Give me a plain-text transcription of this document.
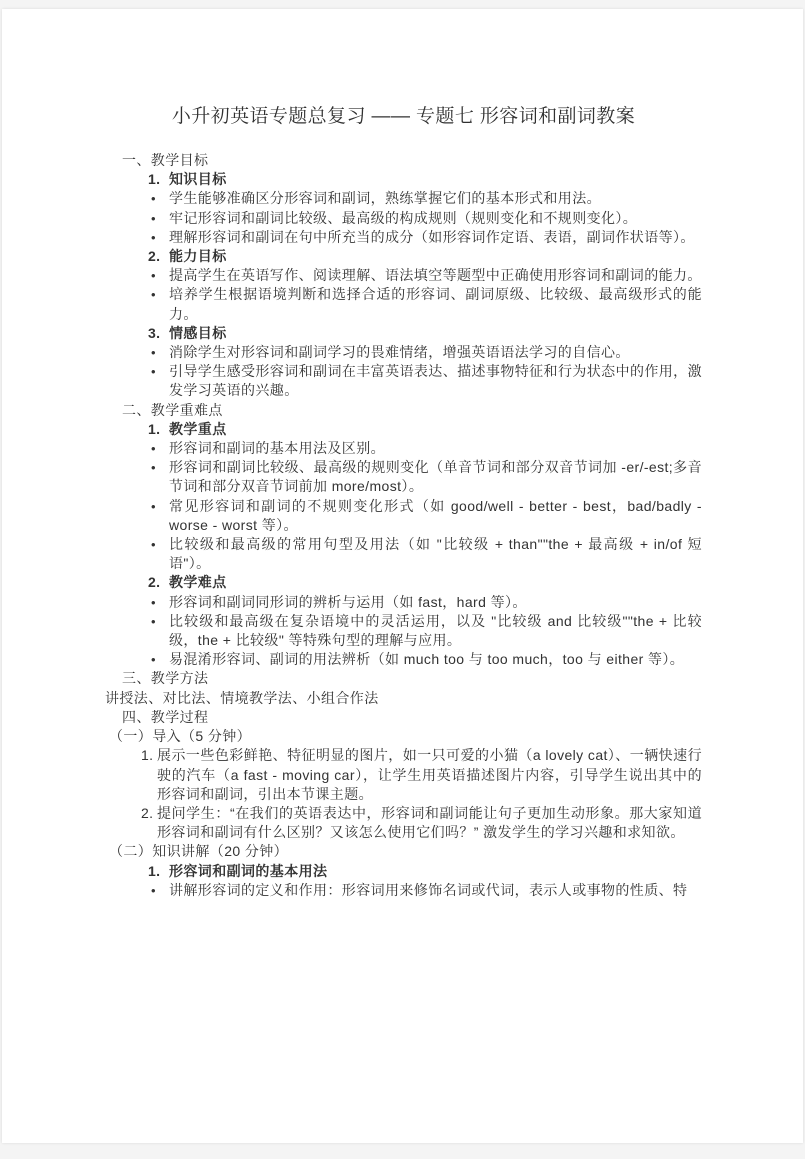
小升初英语专题总复习 —— 专题七 形容词和副词教案
一、教学目标
1. 知识目标
• 学生能够准确区分形容词和副词，熟练掌握它们的基本形式和用法。
• 牢记形容词和副词比较级、最高级的构成规则（规则变化和不规则变化）。
• 理解形容词和副词在句中所充当的成分（如形容词作定语、表语，副词作状语等）。
2. 能力目标
• 提高学生在英语写作、阅读理解、语法填空等题型中正确使用形容词和副词的能力。
• 培养学生根据语境判断和选择合适的形容词、副词原级、比较级、最高级形式的能力。
3. 情感目标
• 消除学生对形容词和副词学习的畏难情绪，增强英语语法学习的自信心。
• 引导学生感受形容词和副词在丰富英语表达、描述事物特征和行为状态中的作用，激发学习英语的兴趣。
二、教学重难点
1. 教学重点
• 形容词和副词的基本用法及区别。
• 形容词和副词比较级、最高级的规则变化（单音节词和部分双音节词加 -er/-est;多音节词和部分双音节词前加 more/most）。
• 常见形容词和副词的不规则变化形式（如 good/well - better - best，bad/badly - worse - worst 等）。
• 比较级和最高级的常用句型及用法（如 "比较级 + than""the + 最高级 + in/of 短语"）。
2. 教学难点
• 形容词和副词同形词的辨析与运用（如 fast，hard 等）。
• 比较级和最高级在复杂语境中的灵活运用，以及 "比较级 and 比较级""the + 比较级，the + 比较级" 等特殊句型的理解与应用。
• 易混淆形容词、副词的用法辨析（如 much too 与 too much，too 与 either 等）。
三、教学方法
讲授法、对比法、情境教学法、小组合作法
四、教学过程
（一）导入（5 分钟）
1. 展示一些色彩鲜艳、特征明显的图片，如一只可爱的小猫（a lovely cat）、一辆快速行驶的汽车（a fast - moving car），让学生用英语描述图片内容，引导学生说出其中的形容词和副词，引出本节课主题。
2. 提问学生：“在我们的英语表达中，形容词和副词能让句子更加生动形象。那大家知道形容词和副词有什么区别？又该怎么使用它们吗？” 激发学生的学习兴趣和求知欲。
（二）知识讲解（20 分钟）
1. 形容词和副词的基本用法
• 讲解形容词的定义和作用：形容词用来修饰名词或代词，表示人或事物的性质、特
